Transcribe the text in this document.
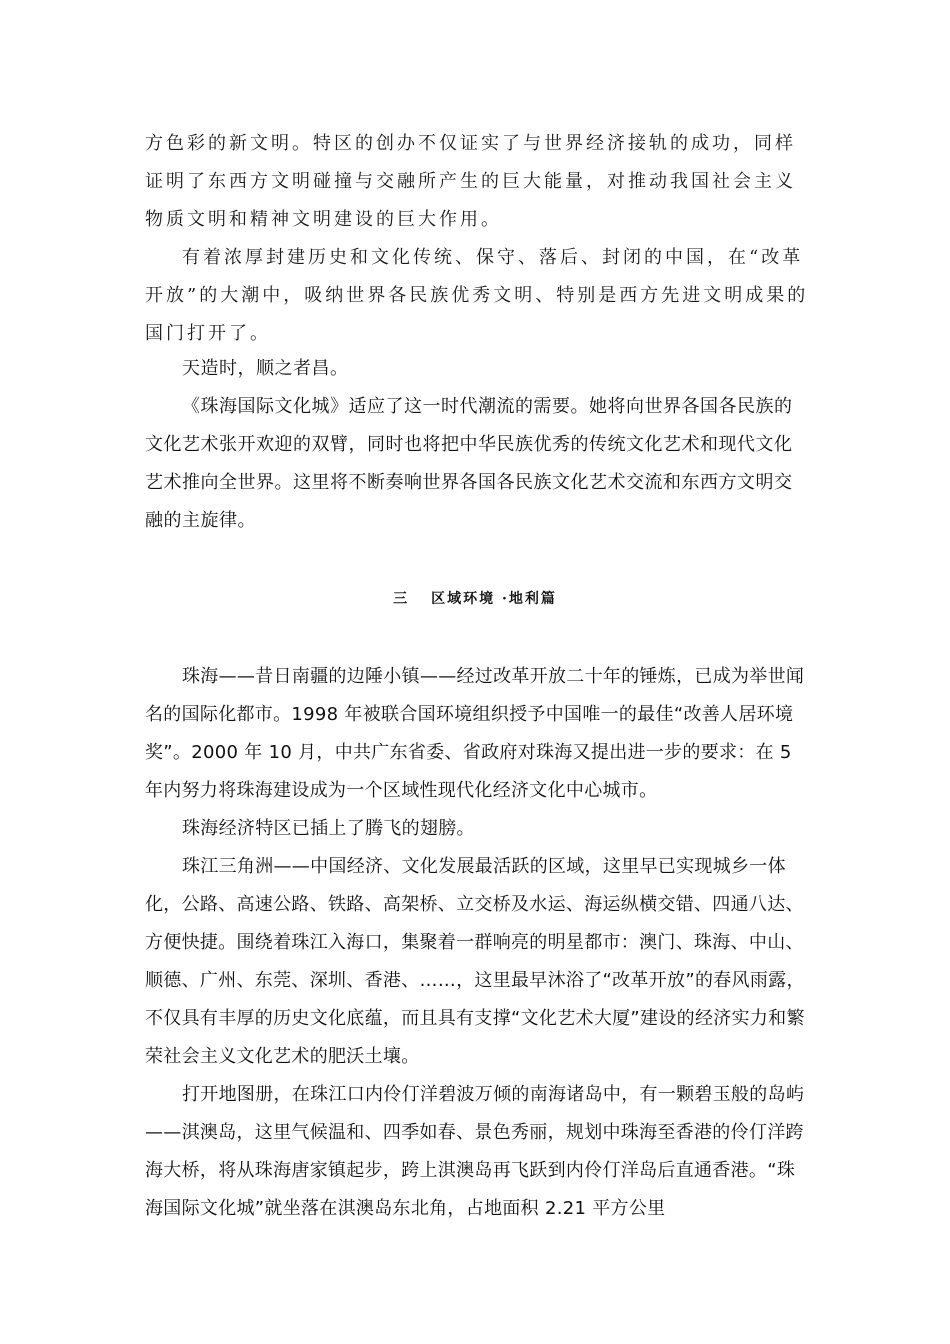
方色彩的新文明。特区的创办不仅证实了与世界经济接轨的成功，同样证明了东西方文明碰撞与交融所产生的巨大能量，对推动我国社会主义物质文明和精神文明建设的巨大作用。

有着浓厚封建历史和文化传统、保守、落后、封闭的中国，在“改革开放”的大潮中，吸纳世界各民族优秀文明、特别是西方先进文明成果的国门打开了。

天造时，顺之者昌。

《珠海国际文化城》适应了这一时代潮流的需要。她将向世界各国各民族的文化艺术张开欢迎的双臂，同时也将把中华民族优秀的传统文化艺术和现代文化艺术推向全世界。这里将不断奏响世界各国各民族文化艺术交流和东西方文明交融的主旋律。

三 区域环境 ·地利篇

珠海——昔日南疆的边陲小镇——经过改革开放二十年的锤炼，已成为举世闻名的国际化都市。1998 年被联合国环境组织授予中国唯一的最佳“改善人居环境奖”。2000 年 10 月，中共广东省委、省政府对珠海又提出进一步的要求：在 5 年内努力将珠海建设成为一个区域性现代化经济文化中心城市。

珠海经济特区已插上了腾飞的翅膀。

珠江三角洲——中国经济、文化发展最活跃的区域，这里早已实现城乡一体化，公路、高速公路、铁路、高架桥、立交桥及水运、海运纵横交错、四通八达、方便快捷。围绕着珠江入海口，集聚着一群响亮的明星都市：澳门、珠海、中山、顺德、广州、东莞、深圳、香港、……，这里最早沐浴了“改革开放”的春风雨露，不仅具有丰厚的历史文化底蕴，而且具有支撑“文化艺术大厦”建设的经济实力和繁荣社会主义文化艺术的肥沃土壤。

打开地图册，在珠江口内伶仃洋碧波万倾的南海诸岛中，有一颗碧玉般的岛屿——淇澳岛，这里气候温和、四季如春、景色秀丽，规划中珠海至香港的伶仃洋跨海大桥，将从珠海唐家镇起步，跨上淇澳岛再飞跃到内伶仃洋岛后直通香港。“珠海国际文化城”就坐落在淇澳岛东北角，占地面积 2.21 平方公里
